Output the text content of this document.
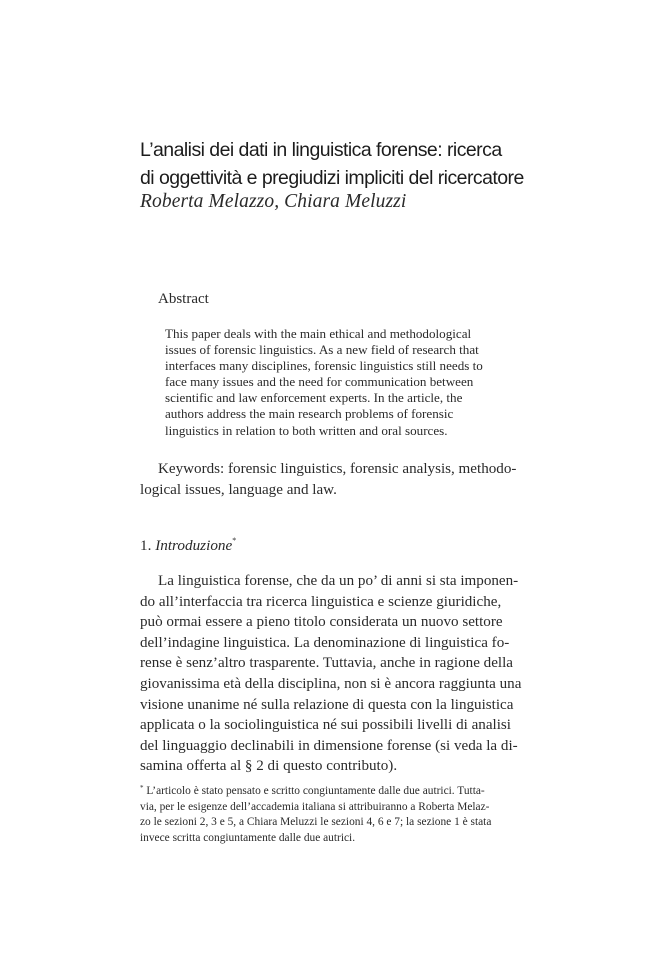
L’analisi dei dati in linguistica forense: ricerca
di oggettività e pregiudizi impliciti del ricercatore
Roberta Melazzo, Chiara Meluzzi
Abstract

This paper deals with the main ethical and methodological
issues of forensic linguistics. As a new field of research that
interfaces many disciplines, forensic linguistics still needs to
face many issues and the need for communication between
scientific and law enforcement experts. In the article, the
authors address the main research problems of forensic
linguistics in relation to both written and oral sources.

Keywords: forensic linguistics, forensic analysis, methodo-
logical issues, language and law.
1. Introduzione*
La linguistica forense, che da un po’ di anni si sta imponen-
do all’interfaccia tra ricerca linguistica e scienze giuridiche,
può ormai essere a pieno titolo considerata un nuovo settore
dell’indagine linguistica. La denominazione di linguistica fo-
rense è senz’altro trasparente. Tuttavia, anche in ragione della
giovanissima età della disciplina, non si è ancora raggiunta una
visione unanime né sulla relazione di questa con la linguistica
applicata o la sociolinguistica né sui possibili livelli di analisi
del linguaggio declinabili in dimensione forense (si veda la di-
samina offerta al § 2 di questo contributo).
* L’articolo è stato pensato e scritto congiuntamente dalle due autrici. Tutta-
via, per le esigenze dell’accademia italiana si attribuiranno a Roberta Melaz-
zo le sezioni 2, 3 e 5, a Chiara Meluzzi le sezioni 4, 6 e 7; la sezione 1 è stata
invece scritta congiuntamente dalle due autrici.
